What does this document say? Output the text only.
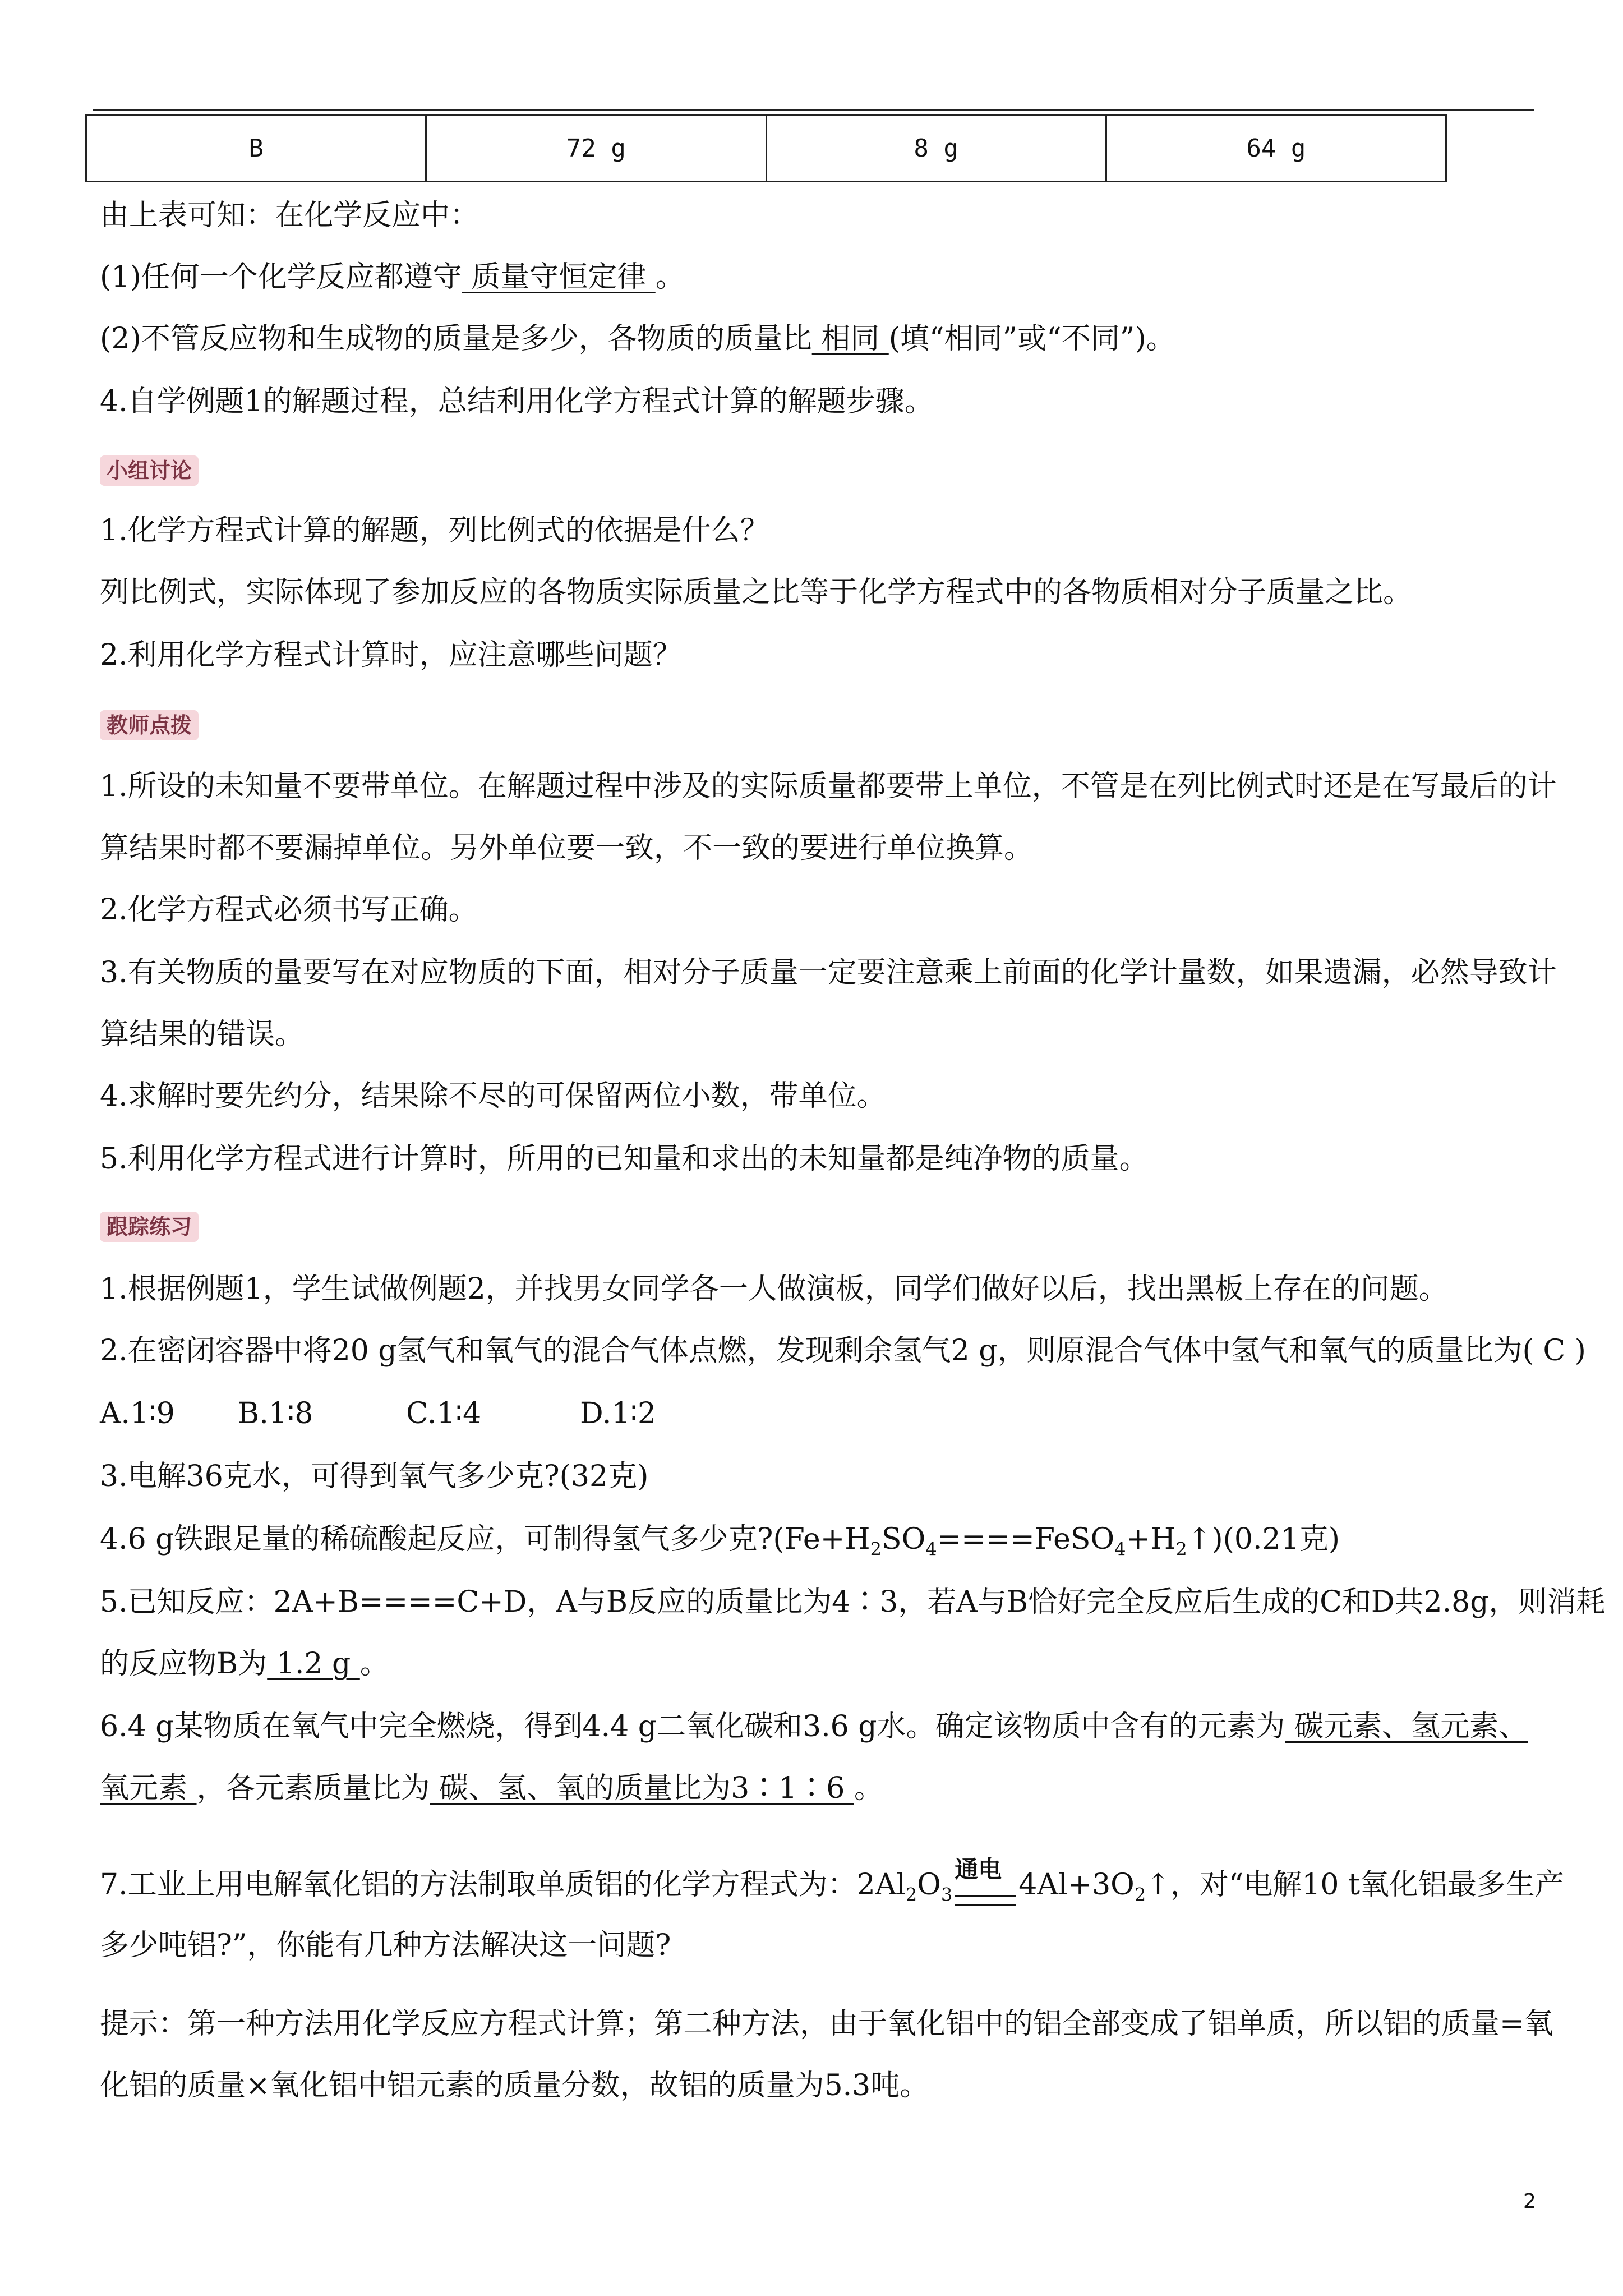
B	72 g	8 g	64 g
由上表可知：在化学反应中：
(1)任何一个化学反应都遵守 质量守恒定律 。
(2)不管反应物和生成物的质量是多少，各物质的质量比 相同 (填“相同”或“不同”)。
4.自学例题1的解题过程，总结利用化学方程式计算的解题步骤。
小组讨论
1.化学方程式计算的解题，列比例式的依据是什么？
列比例式，实际体现了参加反应的各物质实际质量之比等于化学方程式中的各物质相对分子质量之比。
2.利用化学方程式计算时，应注意哪些问题？
教师点拨
1.所设的未知量不要带单位。在解题过程中涉及的实际质量都要带上单位，不管是在列比例式时还是在写最后的计
算结果时都不要漏掉单位。另外单位要一致，不一致的要进行单位换算。
2.化学方程式必须书写正确。
3.有关物质的量要写在对应物质的下面，相对分子质量一定要注意乘上前面的化学计量数，如果遗漏，必然导致计
算结果的错误。
4.求解时要先约分，结果除不尽的可保留两位小数，带单位。
5.利用化学方程式进行计算时，所用的已知量和求出的未知量都是纯净物的质量。
跟踪练习
1.根据例题1，学生试做例题2，并找男女同学各一人做演板，同学们做好以后，找出黑板上存在的问题。
2.在密闭容器中将20 g氢气和氧气的混合气体点燃，发现剩余氢气2 g，则原混合气体中氢气和氧气的质量比为( C )
A.1∶9 B.1∶8	C.1∶4	D.1∶2
3.电解36克水，可得到氧气多少克?(32克)
4.6 g铁跟足量的稀硫酸起反应，可制得氢气多少克$?(Fe+H_2SO_4====FeSO_4+H_2↑)(0.21$克)
5.已知反应：2A+B====C+D，A与B反应的质量比为4∶3，若A与B恰好完全反应后生成的C和D共2.8g，则消耗
的反应物B为 1.2 g 。
6.4 g某物质在氧气中完全燃烧，得到4.4 g二氧化碳和3.6 g水。确定该物质中含有的元素为 碳元素、氢元素、
氧元素 ，各元素质量比为 碳、氢、氧的质量比为3∶1∶6 。
7.工业上用电解氧化铝的方法制取单质铝的化学方程式为：$2Al_2O_3$
通电 $4Al+3O_2↑$，对“电解10 t氧化铝最多生产
多少吨铝?”，你能有几种方法解决这一问题?
提示：第一种方法用化学反应方程式计算；第二种方法，由于氧化铝中的铝全部变成了铝单质，所以铝的质量=氧
化铝的质量×氧化铝中铝元素的质量分数，故铝的质量为5.3吨。
2
